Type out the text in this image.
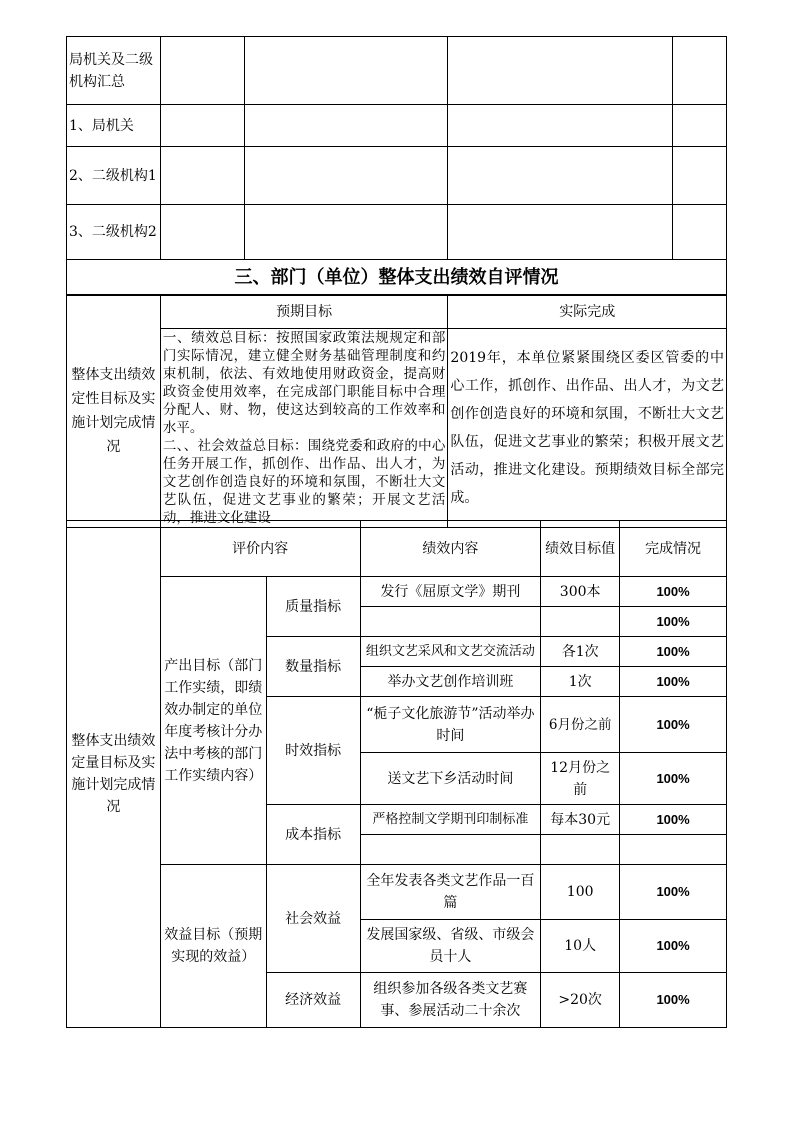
局机关及二级机构汇总				
1、局机关				
2、二级机构1				
3、二级机构2				
三、部门（单位）整体支出绩效自评情况				
整体支出绩效定性目标及实施计划完成情况	预期目标	实际完成

	一、绩效总目标：按照国家政策法规规定和部门实际情况，建立健全财务基础管理制度和约束机制，依法、有效地使用财政资金，提高财政资金使用效率，在完成部门职能目标中合理分配人、财、物，使这达到较高的工作效率和水平。
二、、社会效益总目标：围绕党委和政府的中心任务开展工作，抓创作、出作品、出人才，为文艺创作创造良好的环境和氛围，不断壮大文艺队伍，促进文艺事业的繁荣；开展文艺活动，推进文化建设	2019年，本单位紧紧围绕区委区管委的中心工作，抓创作、出作品、出人才，为文艺创作创造良好的环境和氛围，不断壮大文艺队伍，促进文艺事业的繁荣；积极开展文艺活动，推进文化建设。预期绩效目标全部完成。
整体支出绩效定量目标及实施计划完成情况	评价内容		绩效内容	绩效目标值	完成情况
	产出目标（部门工作实绩，即绩效办制定的单位年度考核计分办法中考核的部门工作实绩内容）	质量指标	发行《屈原文学》期刊	300本	100%
					100%
		数量指标	组织文艺采风和文艺交流活动	各1次	100%
			举办文艺创作培训班	1次	100%
		时效指标	“栀子文化旅游节”活动举办时间	6月份之前	100%
			送文艺下乡活动时间	12月份之前	100%
		成本指标	严格控制文学期刊印制标准	每本30元	100%

	效益目标（预期实现的效益）	社会效益	全年发表各类文艺作品一百篇	100	100%
			发展国家级、省级、市级会员十人	10人	100%
		经济效益	组织参加各级各类文艺赛事、参展活动二十余次	>20次	100%
